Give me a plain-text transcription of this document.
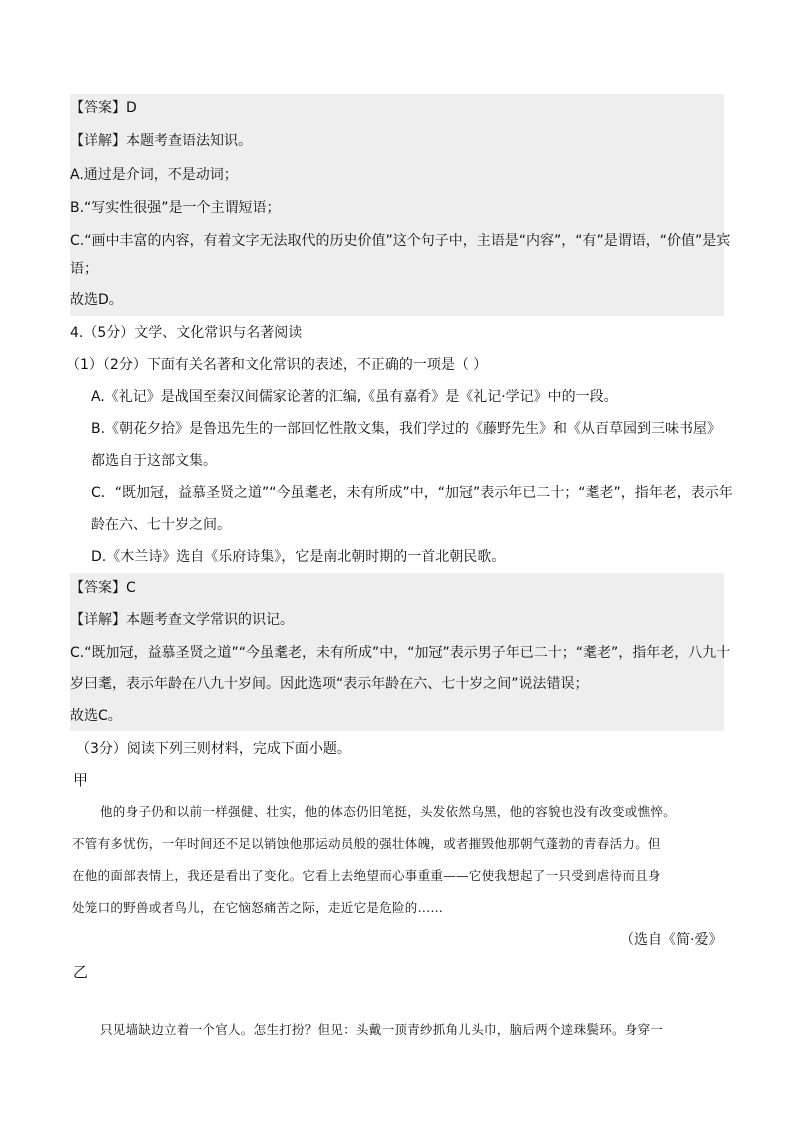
【答案】D
【详解】本题考查语法知识。
A.通过是介词，不是动词；
B.“写实性很强”是一个主谓短语；
C.“画中丰富的内容，有着文字无法取代的历史价值”这个句子中，主语是“内容”，“有”是谓语，“价值”是宾
语；
故选D。
4.（5分）文学、文化常识与名著阅读
（1）（2分）下面有关名著和文化常识的表述，不正确的一项是（ ）
A.《礼记》是战国至秦汉间儒家论著的汇编,《虽有嘉肴》是《礼记·学记》中的一段。
B.《朝花夕拾》是鲁迅先生的一部回忆性散文集，我们学过的《藤野先生》和《从百草园到三味书屋》
都选自于这部文集。
C．“既加冠，益慕圣贤之道”“今虽耄老，未有所成”中，“加冠”表示年已二十；“耄老”，指年老，表示年
龄在六、七十岁之间。
D.《木兰诗》选自《乐府诗集》，它是南北朝时期的一首北朝民歌。
【答案】C
【详解】本题考查文学常识的识记。
C.“既加冠，益慕圣贤之道”“今虽耄老，未有所成”中，“加冠”表示男子年已二十；“耄老”，指年老，八九十
岁曰耄，表示年龄在八九十岁间。因此选项“表示年龄在六、七十岁之间”说法错误；
故选C。
（3分）阅读下列三则材料，完成下面小题。
甲
他的身子仍和以前一样强健、壮实，他的体态仍旧笔挺，头发依然乌黑，他的容貌也没有改变或憔悴。
不管有多忧伤，一年时间还不足以销蚀他那运动员般的强壮体魄，或者摧毁他那朝气蓬勃的青春活力。但
在他的面部表情上，我还是看出了变化。它看上去绝望而心事重重——它使我想起了一只受到虐待而且身
处笼口的野兽或者鸟儿，在它恼怒痛苦之际，走近它是危险的……
（选自《简·爱》
乙
只见墙缺边立着一个官人。怎生打扮？但见：头戴一顶青纱抓角儿头巾，脑后两个逹珠鬓环。身穿一
